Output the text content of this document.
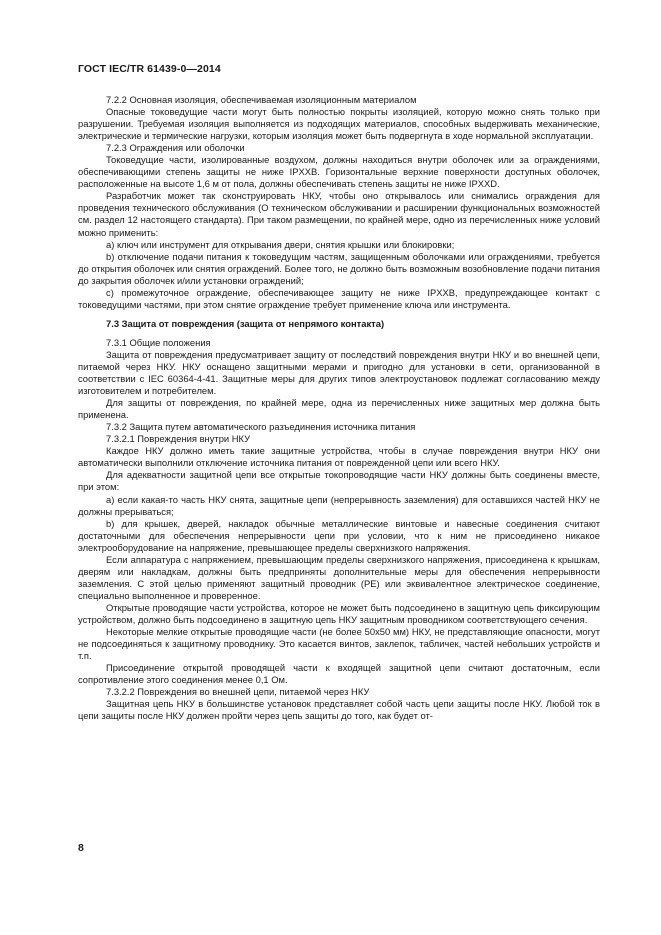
ГОСТ IEC/TR 61439-0—2014

7.2.2 Основная изоляция, обеспечиваемая изоляционным материалом

Опасные токоведущие части могут быть полностью покрыты изоляцией, которую можно снять только при разрушении. Требуемая изоляция выполняется из подходящих материалов, способных выдерживать механические, электрические и термические нагрузки, которым изоляция может быть подвергнута в ходе нормальной эксплуатации.

7.2.3 Ограждения или оболочки

Токоведущие части, изолированные воздухом, должны находиться внутри оболочек или за ограждениями, обеспечивающими степень защиты не ниже IPXXB. Горизонтальные верхние поверхности доступных оболочек, расположенные на высоте 1,6 м от пола, должны обеспечивать степень защиты не ниже IPXXD.

Разработчик может так сконструировать НКУ, чтобы оно открывалось или снимались ограждения для проведения технического обслуживания (О техническом обслуживании и расширении функциональных возможностей см. раздел 12 настоящего стандарта). При таком размещении, по крайней мере, одно из перечисленных ниже условий можно применить:

a) ключ или инструмент для открывания двери, снятия крышки или блокировки;

b) отключение подачи питания к токоведущим частям, защищенным оболочками или ограждениями, требуется до открытия оболочек или снятия ограждений. Более того, не должно быть возможным возобновление подачи питания до закрытия оболочек и/или установки ограждений;

c) промежуточное ограждение, обеспечивающее защиту не ниже IPXXB, предупреждающее контакт с токоведущими частями, при этом снятие ограждение требует применение ключа или инструмента.

7.3 Защита от повреждения (защита от непрямого контакта)

7.3.1 Общие положения

Защита от повреждения предусматривает защиту от последствий повреждения внутри НКУ и во внешней цепи, питаемой через НКУ. НКУ оснащено защитными мерами и пригодно для установки в сети, организованной в соответствии с IEC 60364-4-41. Защитные меры для других типов электроустановок подлежат согласованию между изготовителем и потребителем.

Для защиты от повреждения, по крайней мере, одна из перечисленных ниже защитных мер должна быть применена.

7.3.2 Защита путем автоматического разъединения источника питания

7.3.2.1 Повреждения внутри НКУ

Каждое НКУ должно иметь такие защитные устройства, чтобы в случае повреждения внутри НКУ они автоматически выполнили отключение источника питания от поврежденной цепи или всего НКУ.

Для адекватности защитной цепи все открытые токопроводящие части НКУ должны быть соединены вместе, при этом:

a) если какая-то часть НКУ снята, защитные цепи (непрерывность заземления) для оставшихся частей НКУ не должны прерываться;

b) для крышек, дверей, накладок обычные металлические винтовые и навесные соединения считают достаточными для обеспечения непрерывности цепи при условии, что к ним не присоединено никакое электрооборудование на напряжение, превышающее пределы сверхнизкого напряжения.

Если аппаратура с напряжением, превышающим пределы сверхнизкого напряжения, присоединена к крышкам, дверям или накладкам, должны быть предприняты дополнительные меры для обеспечения непрерывности заземления. С этой целью применяют защитный проводник (PE) или эквивалентное электрическое соединение, специально выполненное и проверенное.

Открытые проводящие части устройства, которое не может быть подсоединено в защитную цепь фиксирующим устройством, должно быть подсоединено в защитную цепь НКУ защитным проводником соответствующего сечения.

Некоторые мелкие открытые проводящие части (не более 50х50 мм) НКУ, не представляющие опасности, могут не подсоединяться к защитному проводнику. Это касается винтов, заклепок, табличек, частей небольших устройств и т.п.

Присоединение открытой проводящей части к входящей защитной цепи считают достаточным, если сопротивление этого соединения менее 0,1 Ом.

7.3.2.2 Повреждения во внешней цепи, питаемой через НКУ

Защитная цепь НКУ в большинстве установок представляет собой часть цепи защиты после НКУ. Любой ток в цепи защиты после НКУ должен пройти через цепь защиты до того, как будет от-

8
